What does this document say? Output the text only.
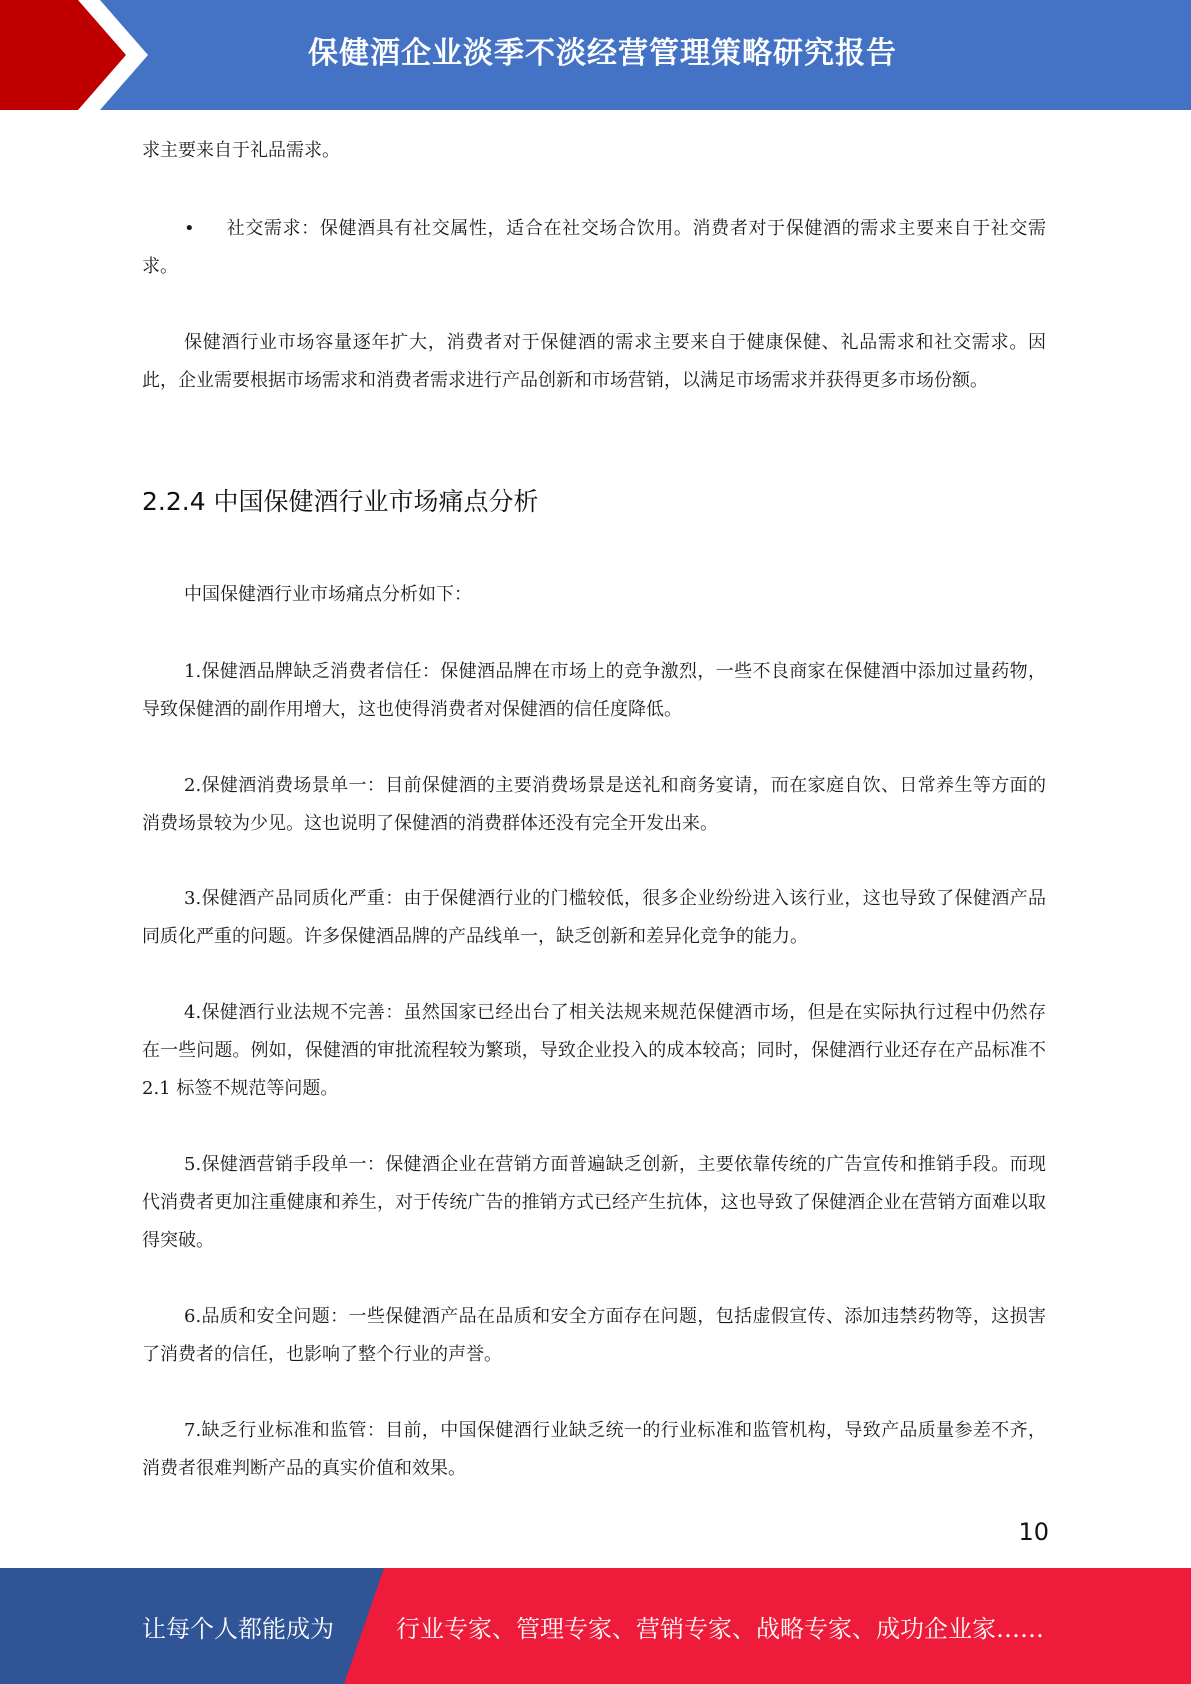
保健酒企业淡季不淡经营管理策略研究报告

求主要来自于礼品需求。

• 社交需求：保健酒具有社交属性，适合在社交场合饮用。消费者对于保健酒的需求主要来自于社交需求。

保健酒行业市场容量逐年扩大，消费者对于保健酒的需求主要来自于健康保健、礼品需求和社交需求。因此，企业需要根据市场需求和消费者需求进行产品创新和市场营销，以满足市场需求并获得更多市场份额。

2.2.4 中国保健酒行业市场痛点分析

中国保健酒行业市场痛点分析如下：

1.保健酒品牌缺乏消费者信任：保健酒品牌在市场上的竞争激烈，一些不良商家在保健酒中添加过量药物，导致保健酒的副作用增大，这也使得消费者对保健酒的信任度降低。

2.保健酒消费场景单一：目前保健酒的主要消费场景是送礼和商务宴请，而在家庭自饮、日常养生等方面的消费场景较为少见。这也说明了保健酒的消费群体还没有完全开发出来。

3.保健酒产品同质化严重：由于保健酒行业的门槛较低，很多企业纷纷进入该行业，这也导致了保健酒产品同质化严重的问题。许多保健酒品牌的产品线单一，缺乏创新和差异化竞争的能力。

4.保健酒行业法规不完善：虽然国家已经出台了相关法规来规范保健酒市场，但是在实际执行过程中仍然存在一些问题。例如，保健酒的审批流程较为繁琐，导致企业投入的成本较高；同时，保健酒行业还存在产品标准不 2.1 标签不规范等问题。

5.保健酒营销手段单一：保健酒企业在营销方面普遍缺乏创新，主要依靠传统的广告宣传和推销手段。而现代消费者更加注重健康和养生，对于传统广告的推销方式已经产生抗体，这也导致了保健酒企业在营销方面难以取得突破。

6.品质和安全问题：一些保健酒产品在品质和安全方面存在问题，包括虚假宣传、添加违禁药物等，这损害了消费者的信任，也影响了整个行业的声誉。

7.缺乏行业标准和监管：目前，中国保健酒行业缺乏统一的行业标准和监管机构，导致产品质量参差不齐，消费者很难判断产品的真实价值和效果。

10
让每个人都能成为	行业专家、管理专家、营销专家、战略专家、成功企业家……
